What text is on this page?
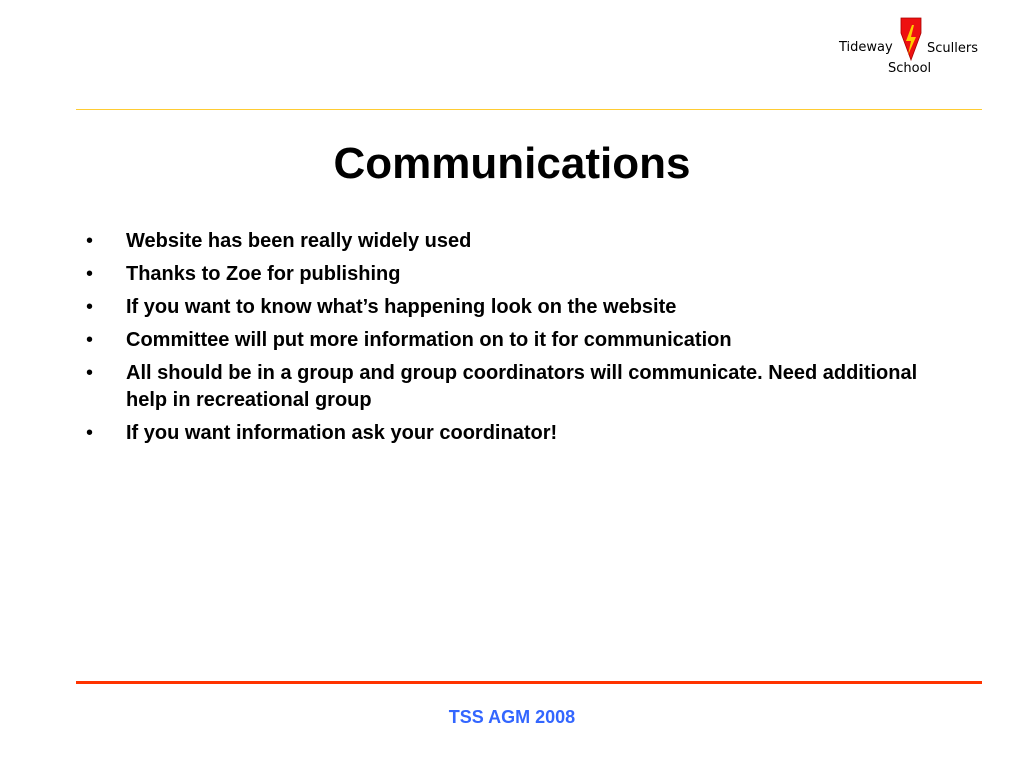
Tideway	Scullers
School
Communications
• Website has been really widely used
• Thanks to Zoe for publishing
• If you want to know what’s happening look on the website
• Committee will put more information on to it for communication
• All should be in a group and group coordinators will communicate. Need additional help in recreational group
• If you want information ask your coordinator!
TSS AGM 2008
